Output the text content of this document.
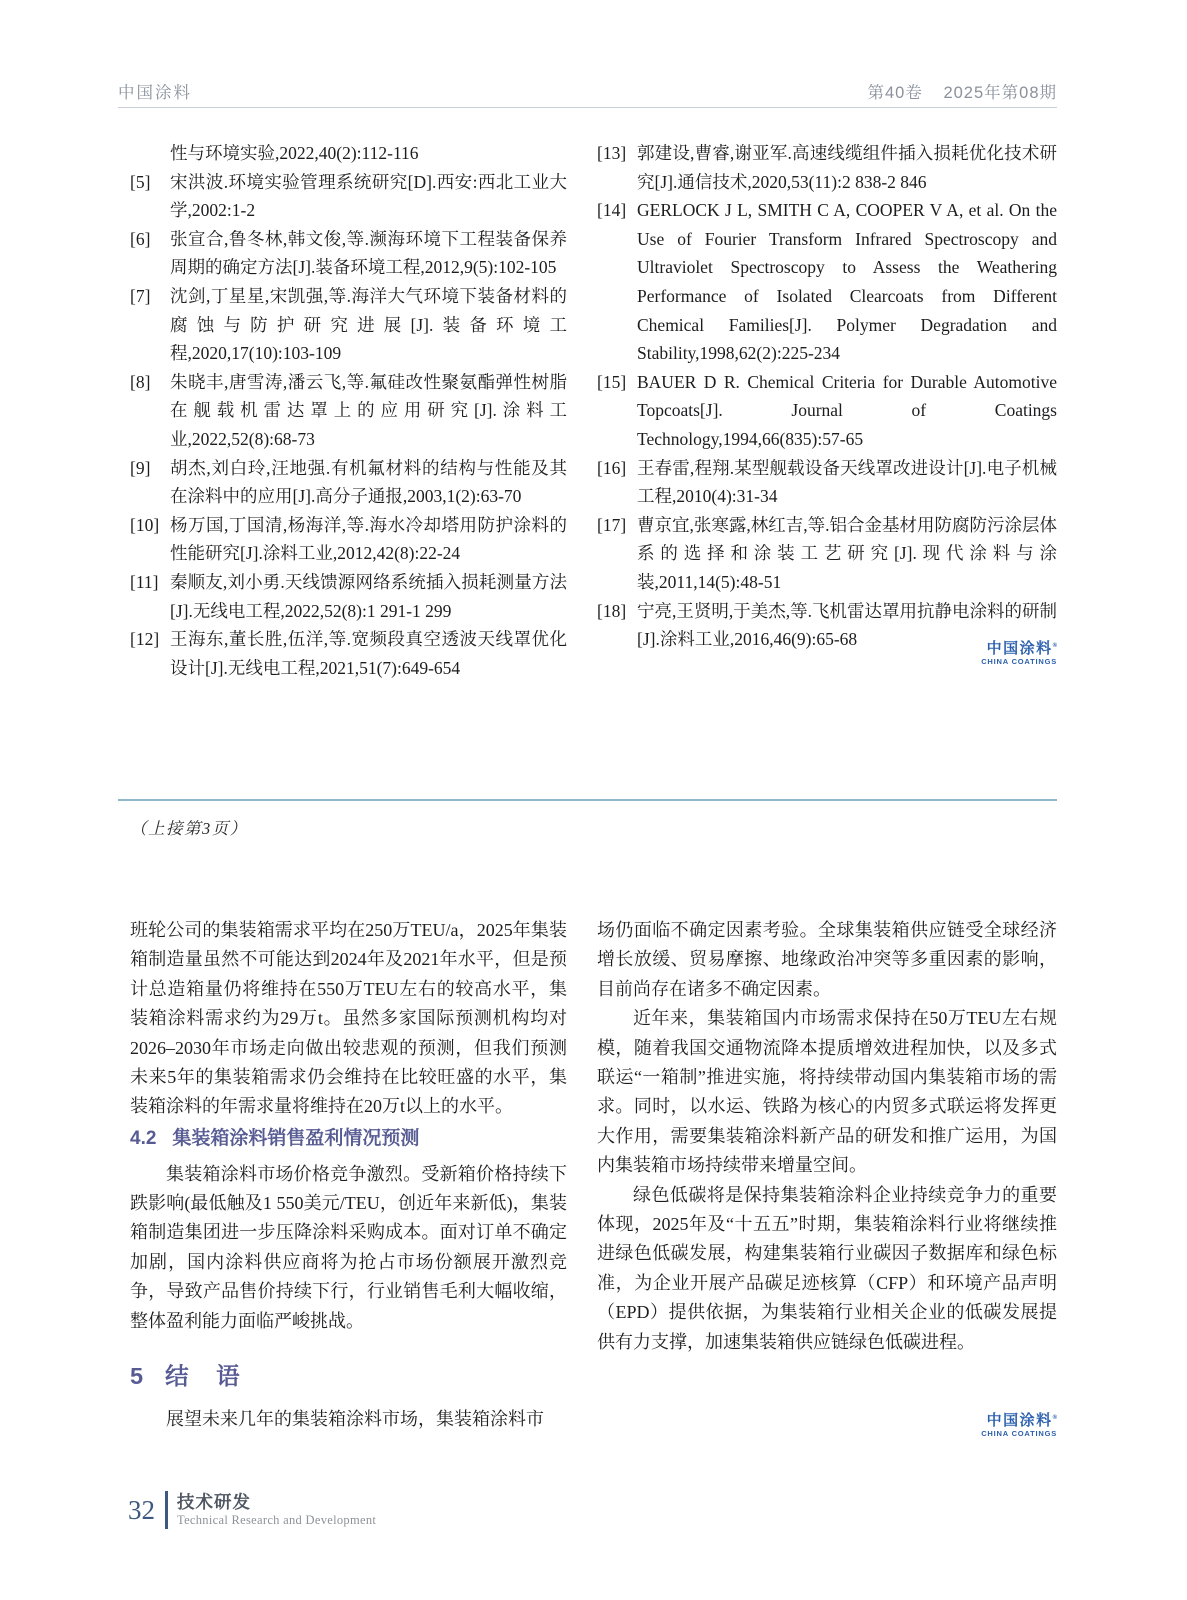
中国涂料	第40卷 2025年第08期
性与环境实验,2022,40(2):112-116
[5]	宋洪波.环境实验管理系统研究[D].西安:西北工业大学,2002:1-2
[6]	张宣合,鲁冬林,韩文俊,等.濒海环境下工程装备保养周期的确定方法[J].装备环境工程,2012,9(5):102-105
[7]	沈剑,丁星星,宋凯强,等.海洋大气环境下装备材料的腐蚀与防护研究进展[J].装备环境工程,2020,17(10):103-109
[8]	朱晓丰,唐雪涛,潘云飞,等.氟硅改性聚氨酯弹性树脂在舰载机雷达罩上的应用研究[J].涂料工业,2022,52(8):68-73
[9]	胡杰,刘白玲,汪地强.有机氟材料的结构与性能及其在涂料中的应用[J].高分子通报,2003,1(2):63-70
[10] 杨万国,丁国清,杨海洋,等.海水冷却塔用防护涂料的性能研究[J].涂料工业,2012,42(8):22-24
[11] 秦顺友,刘小勇.天线馈源网络系统插入损耗测量方法[J].无线电工程,2022,52(8):1 291-1 299
[12] 王海东,董长胜,伍洋,等.宽频段真空透波天线罩优化设计[J].无线电工程,2021,51(7):649-654
[13] 郭建设,曹睿,谢亚军.高速线缆组件插入损耗优化技术研究[J].通信技术,2020,53(11):2 838-2 846
[14] GERLOCK J L, SMITH C A, COOPER V A, et al. On the Use of Fourier Transform Infrared Spectroscopy and Ultraviolet Spectroscopy to Assess the Weathering Performance of Isolated Clearcoats from Different Chemical Families[J]. Polymer Degradation and Stability,1998,62(2):225-234
[15] BAUER D R. Chemical Criteria for Durable Automotive Topcoats[J]. Journal of Coatings Technology,1994,66(835):57-65
[16] 王春雷,程翔.某型舰载设备天线罩改进设计[J].电子机械工程,2010(4):31-34
[17] 曹京宜,张寒露,林红吉,等.铝合金基材用防腐防污涂层体系的选择和涂装工艺研究[J].现代涂料与涂装,2011,14(5):48-51
[18] 宁亮,王贤明,于美杰,等.飞机雷达罩用抗静电涂料的研制[J].涂料工业,2016,46(9):65-68	中国涂料®
CHINA COATINGS
（上接第3页）
班轮公司的集装箱需求平均在250万TEU/a，2025年集装箱制造量虽然不可能达到2024年及2021年水平，但是预计总造箱量仍将维持在550万TEU左右的较高水平，集装箱涂料需求约为29万t。虽然多家国际预测机构均对2026–2030年市场走向做出较悲观的预测，但我们预测未来5年的集装箱需求仍会维持在比较旺盛的水平，集装箱涂料的年需求量将维持在20万t以上的水平。
4.2 集装箱涂料销售盈利情况预测
集装箱涂料市场价格竞争激烈。受新箱价格持续下跌影响(最低触及1 550美元/TEU，创近年来新低)，集装箱制造集团进一步压降涂料采购成本。面对订单不确定加剧，国内涂料供应商将为抢占市场份额展开激烈竞争，导致产品售价持续下行，行业销售毛利大幅收缩，整体盈利能力面临严峻挑战。
5 结　语
展望未来几年的集装箱涂料市场，集装箱涂料市
场仍面临不确定因素考验。全球集装箱供应链受全球经济增长放缓、贸易摩擦、地缘政治冲突等多重因素的影响，目前尚存在诸多不确定因素。
近年来，集装箱国内市场需求保持在50万TEU左右规模，随着我国交通物流降本提质增效进程加快，以及多式联运“一箱制”推进实施，将持续带动国内集装箱市场的需求。同时，以水运、铁路为核心的内贸多式联运将发挥更大作用，需要集装箱涂料新产品的研发和推广运用，为国内集装箱市场持续带来增量空间。
绿色低碳将是保持集装箱涂料企业持续竞争力的重要体现，2025年及“十五五”时期，集装箱涂料行业将继续推进绿色低碳发展，构建集装箱行业碳因子数据库和绿色标准，为企业开展产品碳足迹核算（CFP）和环境产品声明（EPD）提供依据，为集装箱行业相关企业的低碳发展提供有力支撑，加速集装箱供应链绿色低碳进程。
中国涂料®
CHINA COATINGS
32 技术研发
Technical Research and Development
